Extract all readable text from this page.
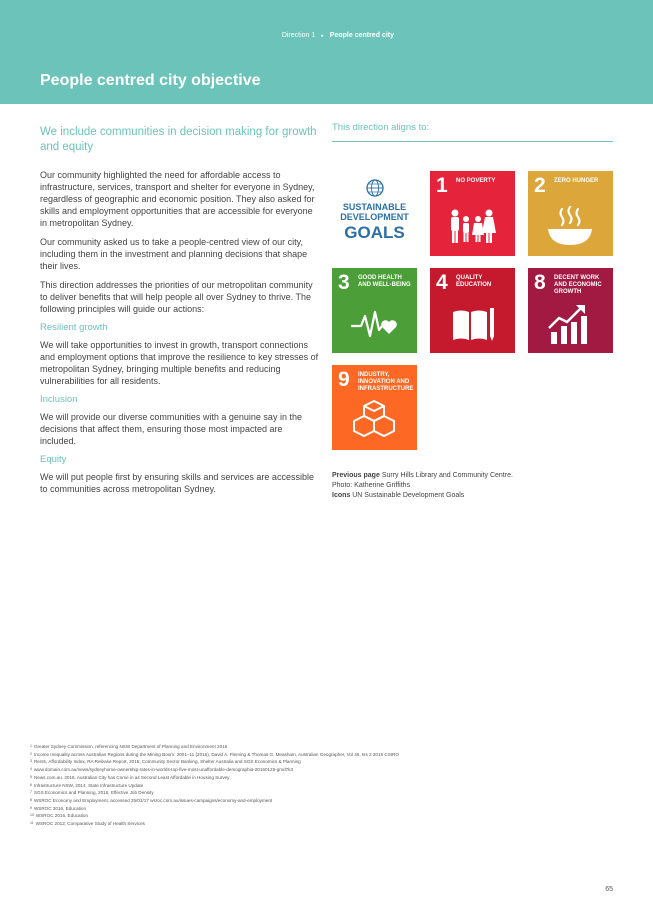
Direction 1 ▸ People centred city
People centred city objective

We include communities in decision making for growth and equity

Our community highlighted the need for affordable access to infrastructure, services, transport and shelter for everyone in Sydney, regardless of geographic and economic position. They also asked for skills and employment opportunities that are accessible for everyone in metropolitan Sydney.

Our community asked us to take a people-centred view of our city, including them in the investment and planning decisions that shape their lives.

This direction addresses the priorities of our metropolitan community to deliver benefits that will help people all over Sydney to thrive. The following principles will guide our actions:

Resilient growth

We will take opportunities to invest in growth, transport connections and employment options that improve the resilience to key stresses of metropolitan Sydney, bringing multiple benefits and reducing vulnerabilities for all residents.

Inclusion

We will provide our diverse communities with a genuine say in the decisions that affect them, ensuring those most impacted are included.

Equity

We will put people first by ensuring skills and services are accessible to communities across metropolitan Sydney.

This direction aligns to:
SUSTAINABLE DEVELOPMENT
GOALS
1 NO POVERTY	2 ZERO HUNGER
3 GOOD HEALTH AND WELL-BEING 4 QUALITY EDUCATION	8 DECENT WORK AND ECONOMIC GROWTH
9 INDUSTRY, INNOVATION AND INFRASTRUCTURE
Previous page Surry Hills Library and Community Centre. Photo: Katherine Griffiths
Icons UN Sustainable Development Goals
$^1$ Greater Sydney Commission, referencing NSW Department of Planning and Environment 2016
$^2$ Income Inequality across Australian Regions during the Mining Boom: 2001–11 (2015), David A. Fleming & Thomas G. Measham, Australian Geographer, Vol 46, Iss 2 2015 CSIRO
$^3$ Rents, Affordability Index, RA Release Report, 2015; Community Sector Banking, Shelter Australia and SGS Economics & Planning
$^4$ www.domain.com.au/news/sydneyhome-ownership-rates-in-worlds-top-five-most-unaffordable-demographia-20160125-gmd7k3
$^5$ News.com.au, 2016, Australian City has Come in as Second Least Affordable in Housing Survey
$^6$ Infrastructure NSW, 2014, State Infrastructure Update
$^7$ SGS Economics and Planning, 2015, Effective Job Density
$^8$ WSROC Economy and Employment, accessed 25/01/17 wsroc.com.au/issues-campaigns/economy-and-employment
$^9$ WSROC 2016, Education
$^{10}$ WSROC 2016, Education
$^{11}$ WSROC 2012, Comparative Study of Health Services
65
